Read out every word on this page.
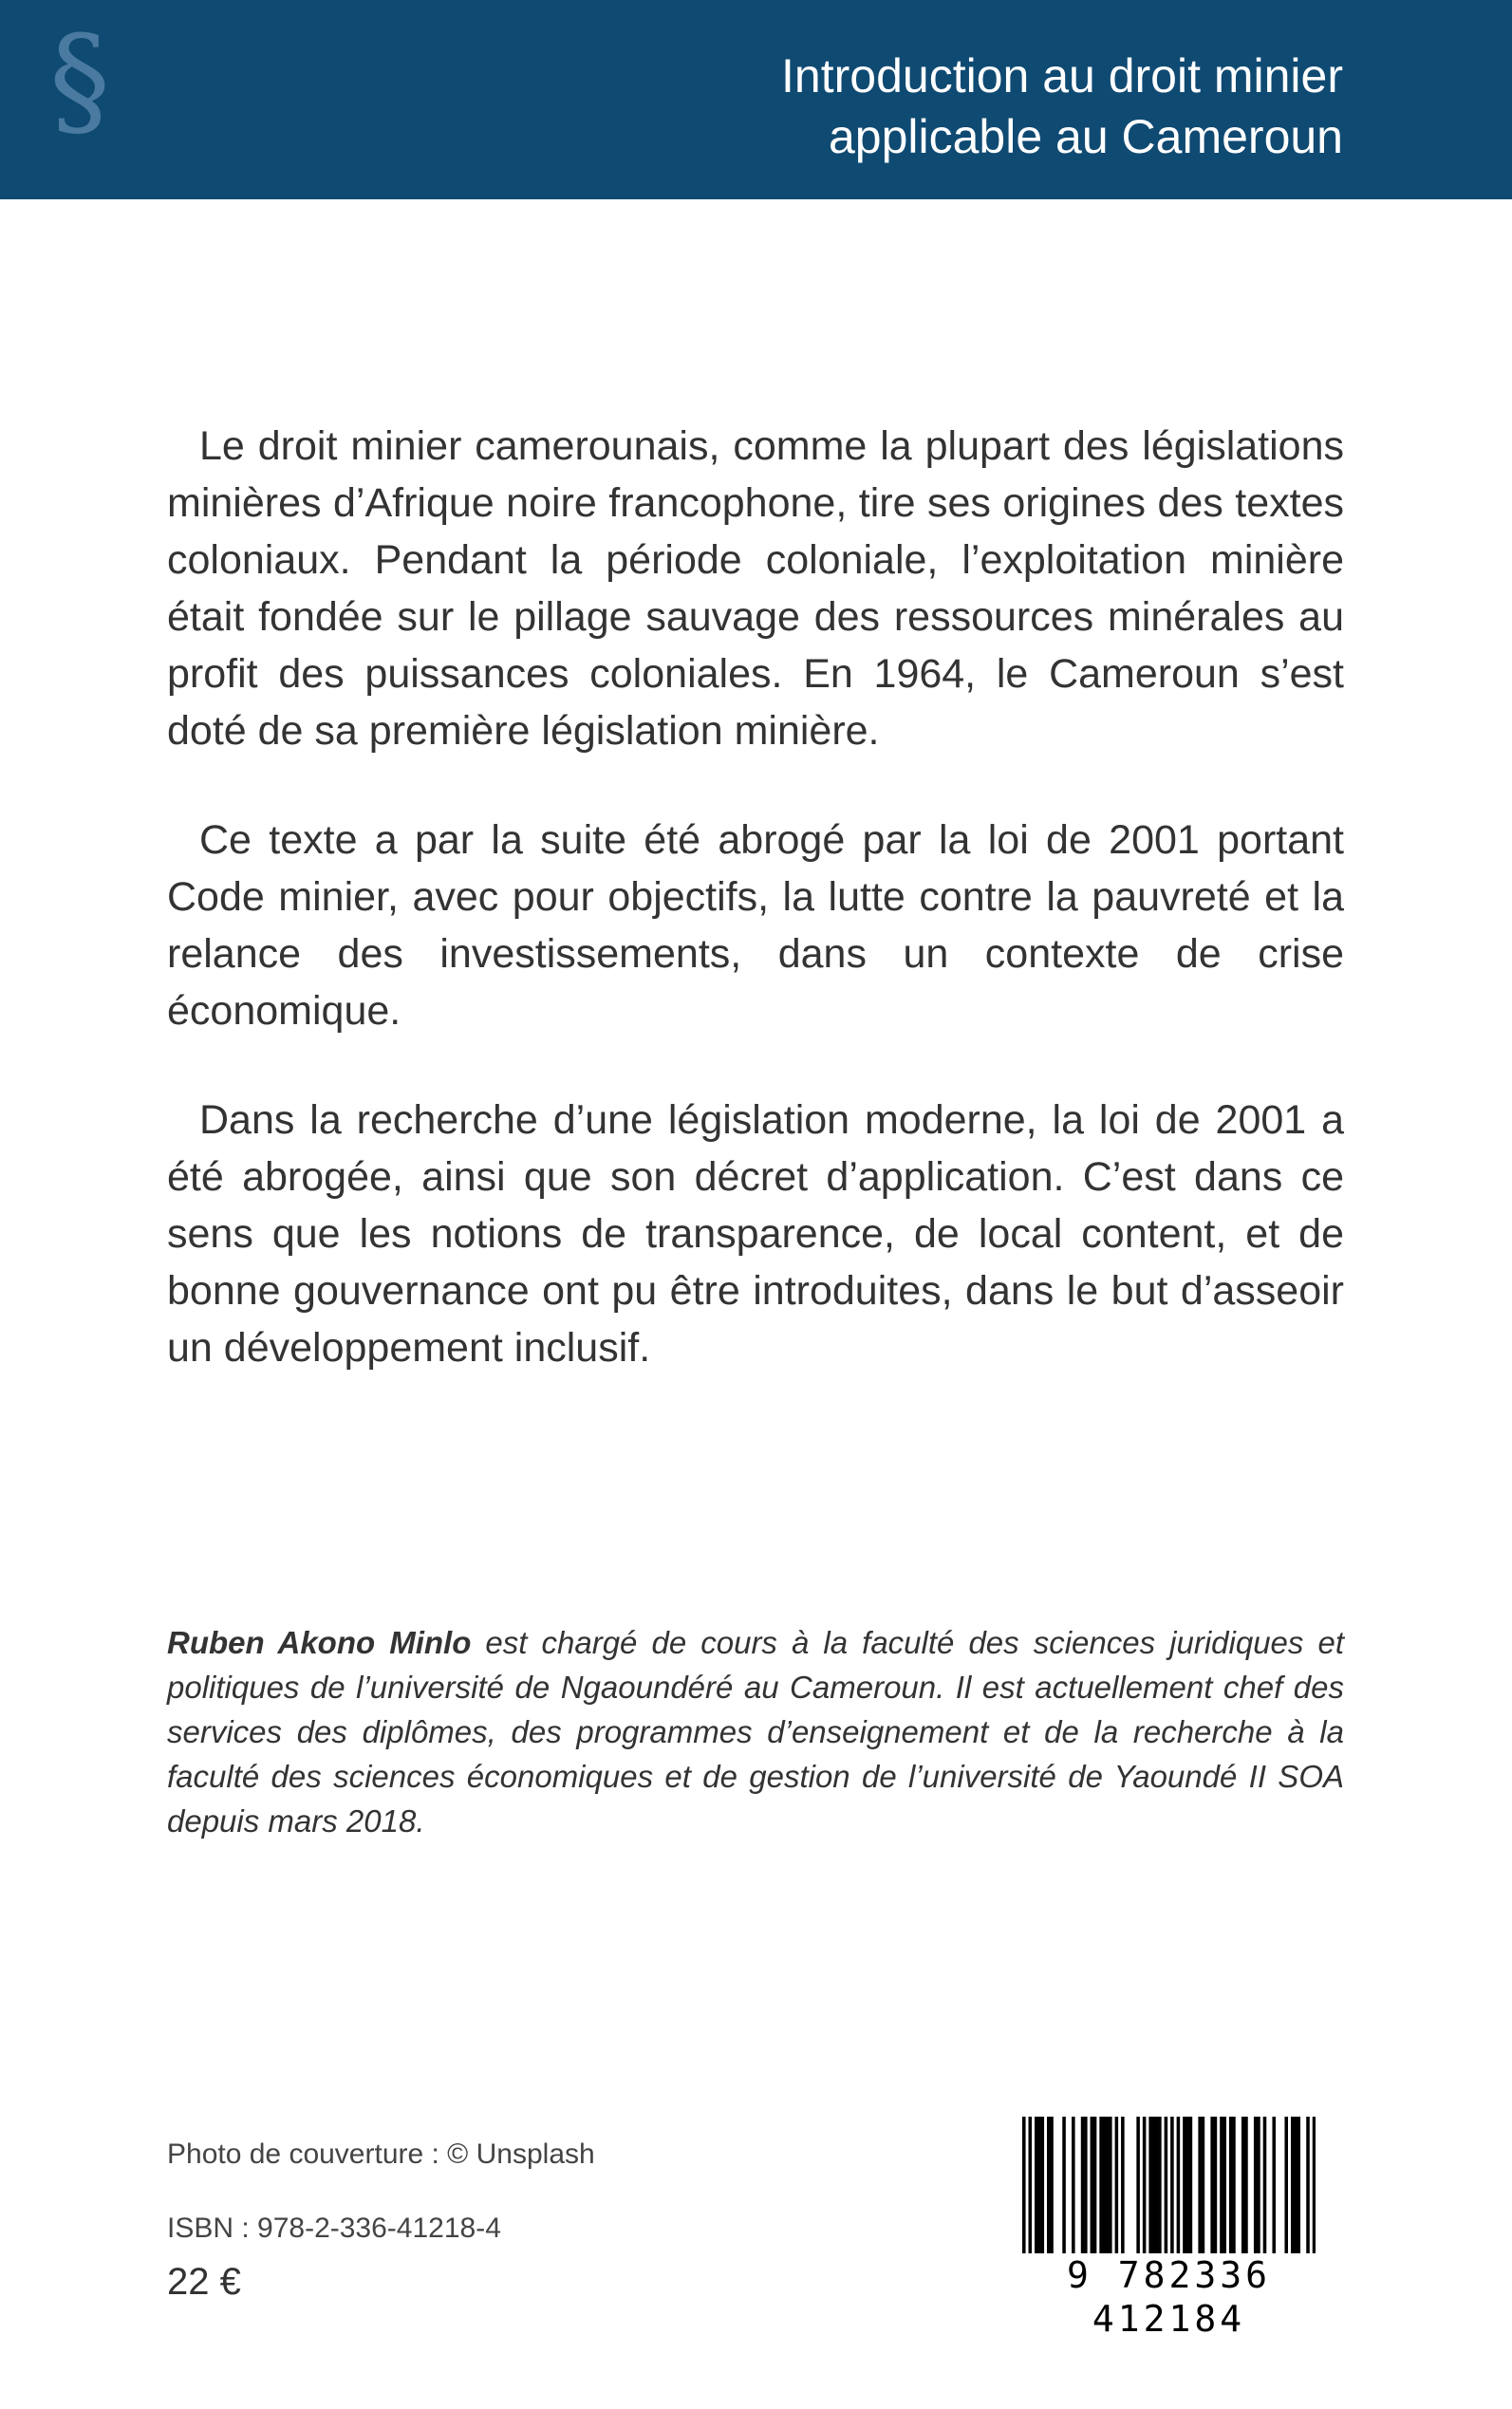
§	Introduction au droit minier
applicable au Cameroun

Le droit minier camerounais, comme la plupart des législations minières d’Afrique noire francophone, tire ses origines des textes coloniaux. Pendant la période coloniale, l’exploitation minière était fondée sur le pillage sauvage des ressources minérales au profit des puissances coloniales. En 1964, le Cameroun s’est doté de sa première législation minière.

Ce texte a par la suite été abrogé par la loi de 2001 portant Code minier, avec pour objectifs, la lutte contre la pauvreté et la relance des investissements, dans un contexte de crise économique.

Dans la recherche d’une législation moderne, la loi de 2001 a été abrogée, ainsi que son décret d’application. C’est dans ce sens que les notions de transparence, de local content, et de bonne gouvernance ont pu être introduites, dans le but d’asseoir un développement inclusif.

Ruben Akono Minlo est chargé de cours à la faculté des sciences juridiques et politiques de l’université de Ngaoundéré au Cameroun. Il est actuellement chef des services des diplômes, des programmes d’enseignement et de la recherche à la faculté des sciences économiques et de gestion de l’université de Yaoundé II SOA depuis mars 2018.
Photo de couverture : © Unsplash
ISBN : 978-2-336-41218-4
22 €	9 782336 412184
